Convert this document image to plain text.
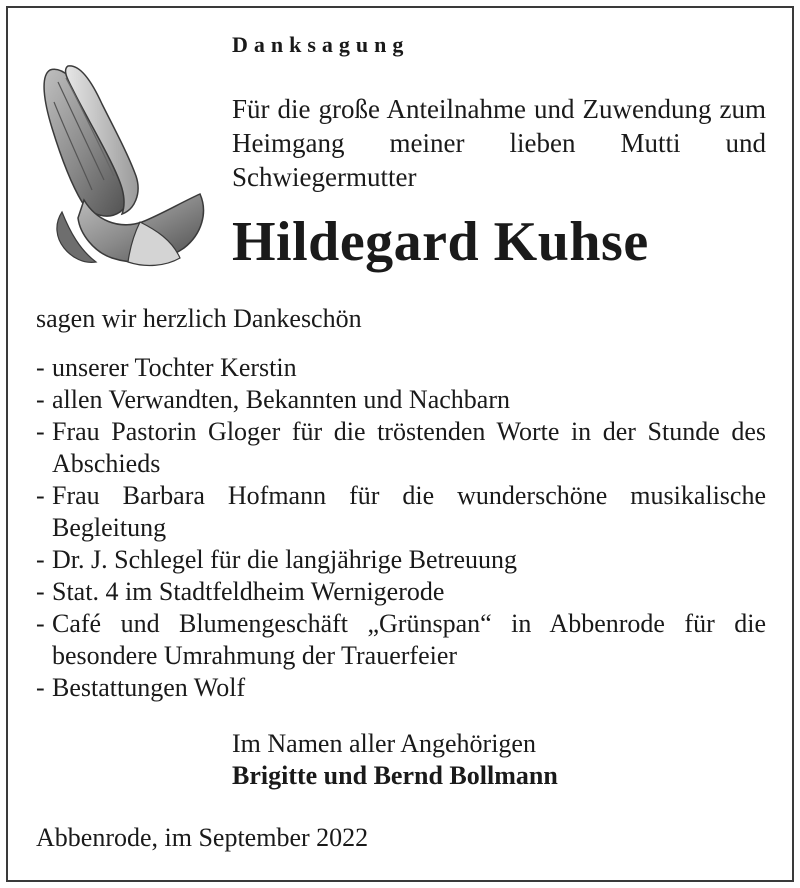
Danksagung
Für die große Anteilnahme und Zuwendung zum Heimgang meiner lieben Mutti und Schwiegermutter
Hildegard Kuhse
sagen wir herzlich Dankeschön
- unserer Tochter Kerstin
- allen Verwandten, Bekannten und Nachbarn
- Frau Pastorin Gloger für die tröstenden Worte in der Stunde des Abschieds
- Frau Barbara Hofmann für die wunderschöne musikalische Begleitung
- Dr. J. Schlegel für die langjährige Betreuung
- Stat. 4 im Stadtfeldheim Wernigerode
- Café und Blumengeschäft „Grünspan“ in Abbenrode für die besondere Umrahmung der Trauerfeier
- Bestattungen Wolf
Im Namen aller Angehörigen
Brigitte und Bernd Bollmann
Abbenrode, im September 2022
